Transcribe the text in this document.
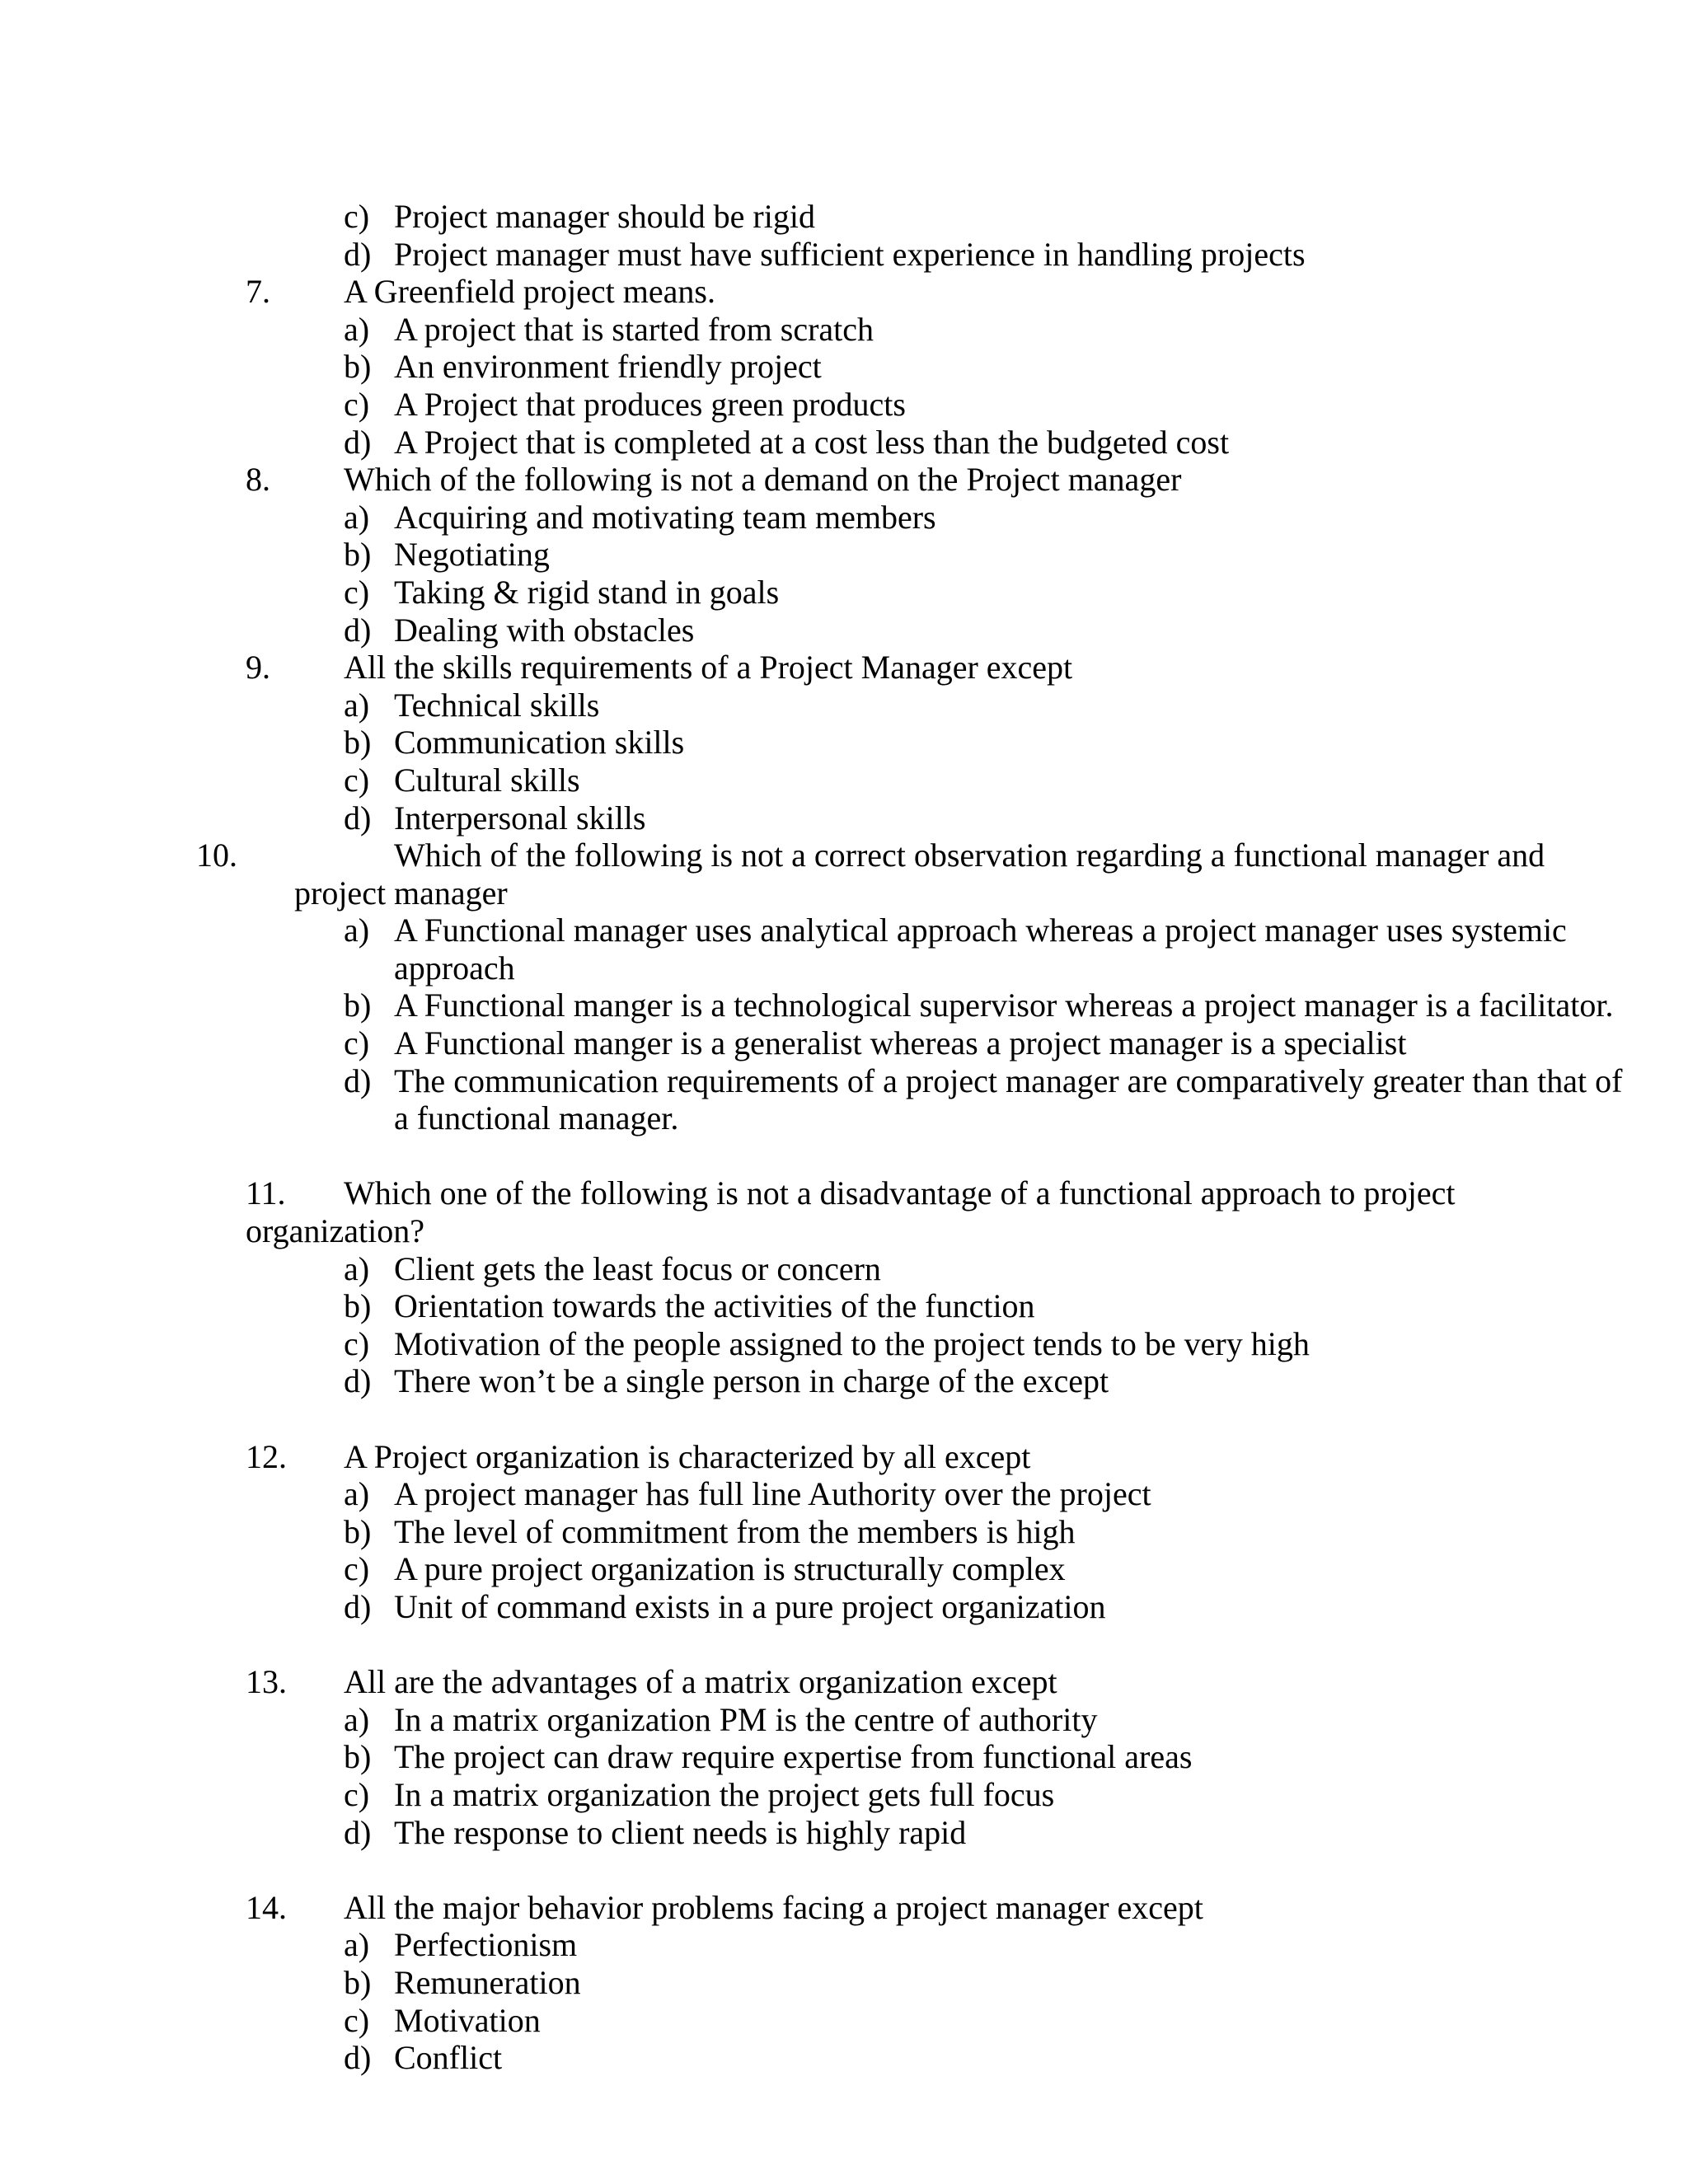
c) Project manager should be rigid
d) Project manager must have sufficient experience in handling projects
7. A Greenfield project means.
a) A project that is started from scratch
b) An environment friendly project
c) A Project that produces green products
d) A Project that is completed at a cost less than the budgeted cost
8. Which of the following is not a demand on the Project manager
a) Acquiring and motivating team members
b) Negotiating
c) Taking & rigid stand in goals
d) Dealing with obstacles
9. All the skills requirements of a Project Manager except
a) Technical skills
b) Communication skills
c) Cultural skills
d) Interpersonal skills
10.	Which of the following is not a correct observation regarding a functional manager and
project manager
a) A Functional manager uses analytical approach whereas a project manager uses systemic
approach
b) A Functional manger is a technological supervisor whereas a project manager is a facilitator.
c) A Functional manger is a generalist whereas a project manager is a specialist
d) The communication requirements of a project manager are comparatively greater than that of
a functional manager.
11. Which one of the following is not a disadvantage of a functional approach to project
organization?
a) Client gets the least focus or concern
b) Orientation towards the activities of the function
c) Motivation of the people assigned to the project tends to be very high
d) There won’t be a single person in charge of the except
12. A Project organization is characterized by all except
a) A project manager has full line Authority over the project
b) The level of commitment from the members is high
c) A pure project organization is structurally complex
d) Unit of command exists in a pure project organization
13. All are the advantages of a matrix organization except
a) In a matrix organization PM is the centre of authority
b) The project can draw require expertise from functional areas
c) In a matrix organization the project gets full focus
d) The response to client needs is highly rapid
14. All the major behavior problems facing a project manager except
a) Perfectionism
b) Remuneration
c) Motivation
d) Conflict
